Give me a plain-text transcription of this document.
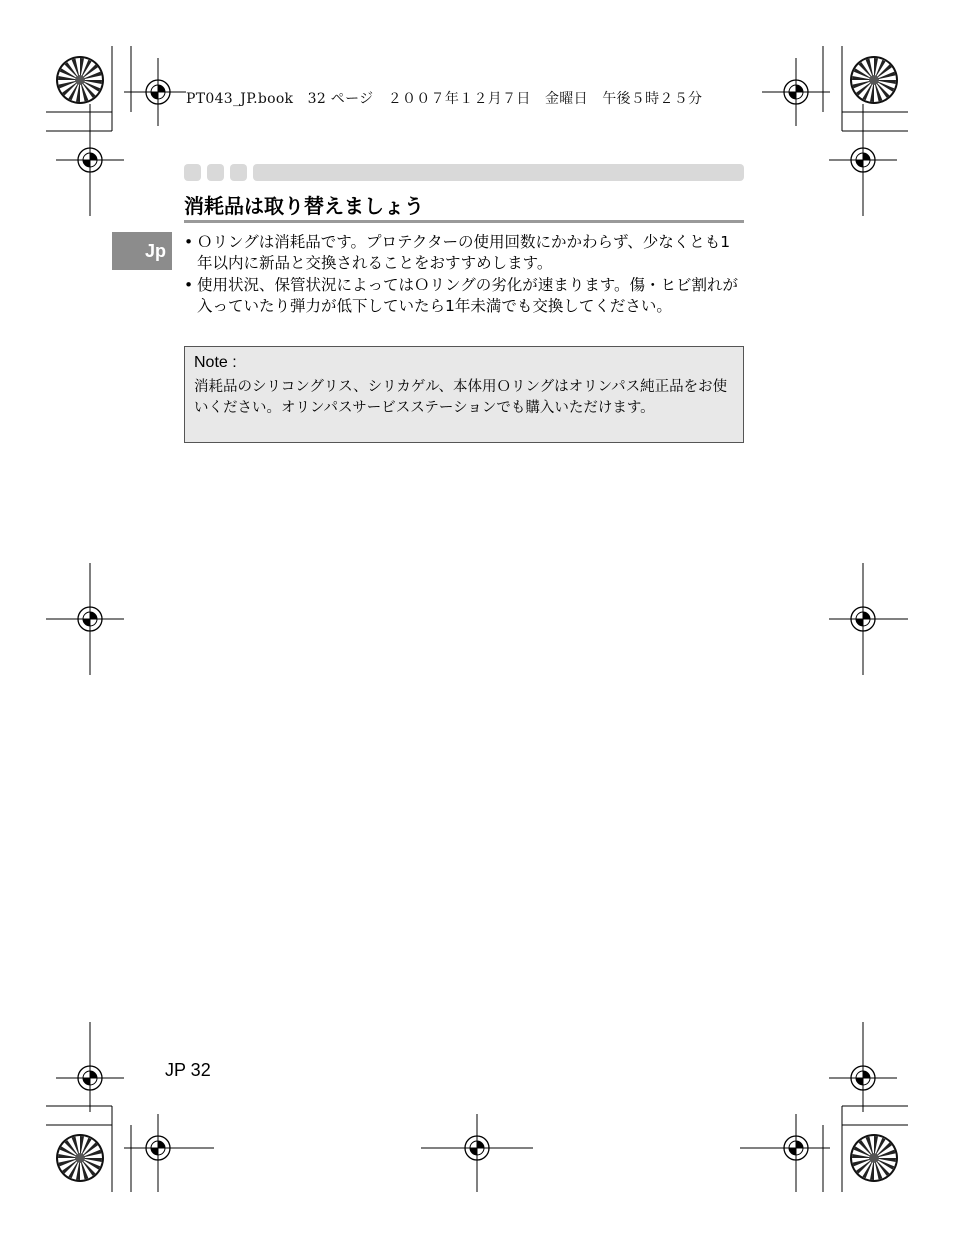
PT043_JP.book　32 ページ　２００７年１２月７日　金曜日　午後５時２５分
消耗品は取り替えましょう
Jp	• Ｏリングは消耗品です。プロテクターの使用回数にかかわらず、少なくとも1年以内に新品と交換されることをおすすめします。
• 使用状況、保管状況によってはＯリングの劣化が速まります。傷・ヒビ割れが入っていたり弾力が低下していたら1年未満でも交換してください。
Note :
消耗品のシリコングリス、シリカゲル、本体用Ｏリングはオリンパス純正品をお使いください。オリンパスサービスステーションでも購入いただけます。
JP 32
